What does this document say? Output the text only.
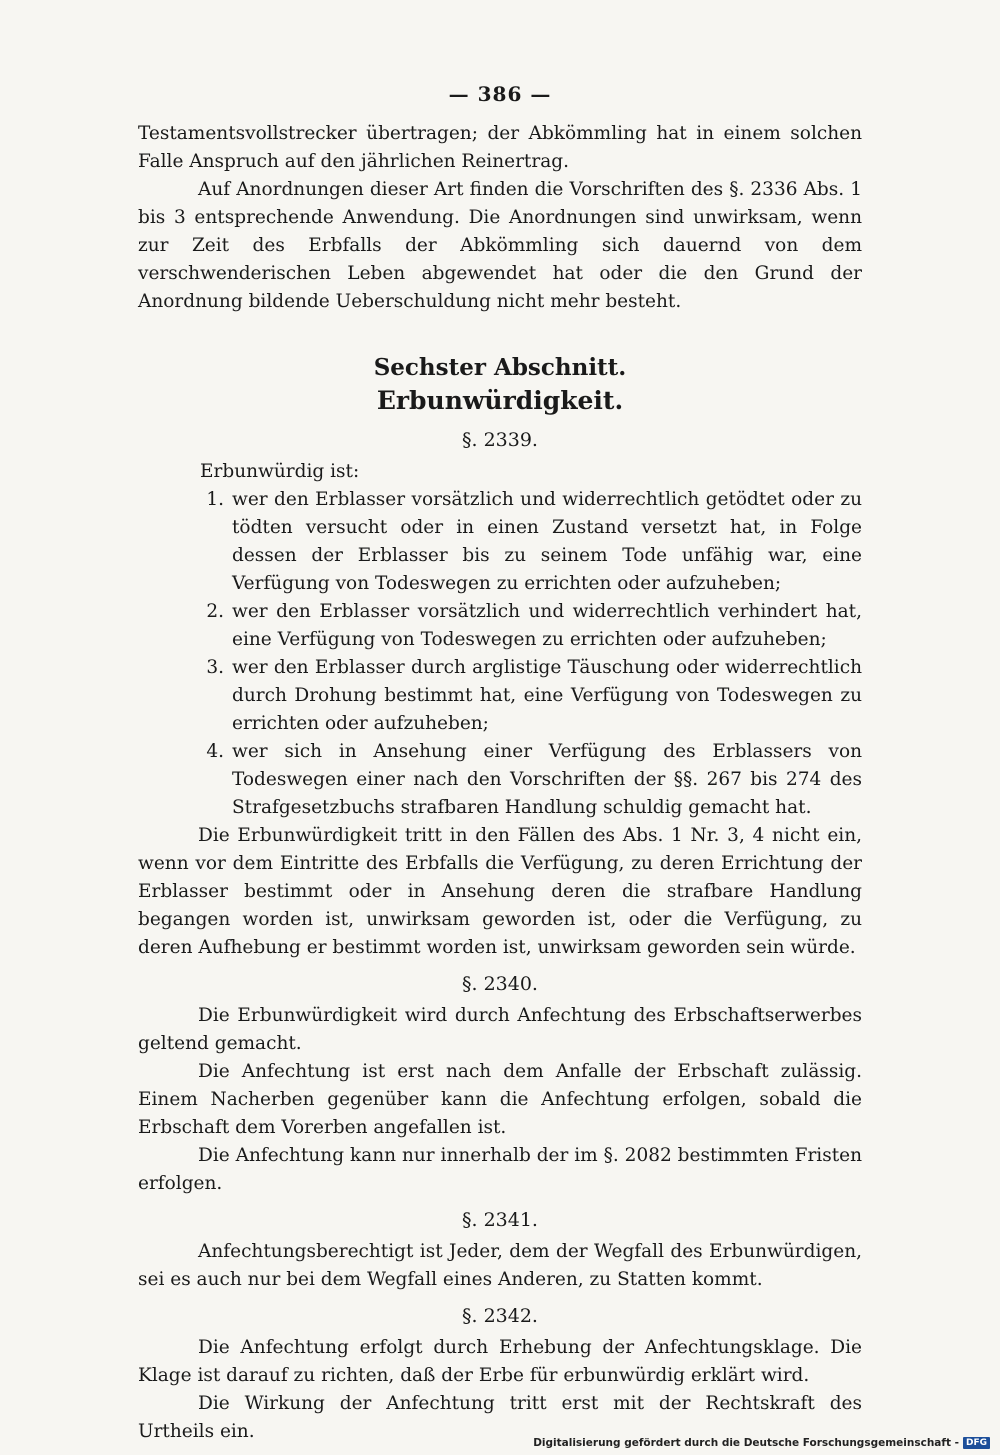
— 386 —

Testamentsvollstrecker übertragen; der Abkömmling hat in einem solchen Falle Anspruch auf den jährlichen Reinertrag.

Auf Anordnungen dieser Art finden die Vorschriften des §. 2336 Abs. 1 bis 3 entsprechende Anwendung. Die Anordnungen sind unwirksam, wenn zur Zeit des Erbfalls der Abkömmling sich dauernd von dem verschwenderischen Leben abgewendet hat oder die den Grund der Anordnung bildende Ueberschuldung nicht mehr besteht.

Sechster Abschnitt.

Erbunwürdigkeit.

§. 2339.

Erbunwürdig ist:

1. wer den Erblasser vorsätzlich und widerrechtlich getödtet oder zu tödten versucht oder in einen Zustand versetzt hat, in Folge dessen der Erblasser bis zu seinem Tode unfähig war, eine Verfügung von Todeswegen zu errichten oder aufzuheben;
2. wer den Erblasser vorsätzlich und widerrechtlich verhindert hat, eine Verfügung von Todeswegen zu errichten oder aufzuheben;
3. wer den Erblasser durch arglistige Täuschung oder widerrechtlich durch Drohung bestimmt hat, eine Verfügung von Todeswegen zu errichten oder aufzuheben;
4. wer sich in Ansehung einer Verfügung des Erblassers von Todeswegen einer nach den Vorschriften der §§. 267 bis 274 des Strafgesetzbuchs strafbaren Handlung schuldig gemacht hat.

Die Erbunwürdigkeit tritt in den Fällen des Abs. 1 Nr. 3, 4 nicht ein, wenn vor dem Eintritte des Erbfalls die Verfügung, zu deren Errichtung der Erblasser bestimmt oder in Ansehung deren die strafbare Handlung begangen worden ist, unwirksam geworden ist, oder die Verfügung, zu deren Aufhebung er bestimmt worden ist, unwirksam geworden sein würde.

§. 2340.

Die Erbunwürdigkeit wird durch Anfechtung des Erbschaftserwerbes geltend gemacht.

Die Anfechtung ist erst nach dem Anfalle der Erbschaft zulässig. Einem Nacherben gegenüber kann die Anfechtung erfolgen, sobald die Erbschaft dem Vorerben angefallen ist.

Die Anfechtung kann nur innerhalb der im §. 2082 bestimmten Fristen erfolgen.

§. 2341.

Anfechtungsberechtigt ist Jeder, dem der Wegfall des Erbunwürdigen, sei es auch nur bei dem Wegfall eines Anderen, zu Statten kommt.

§. 2342.

Die Anfechtung erfolgt durch Erhebung der Anfechtungsklage. Die Klage ist darauf zu richten, daß der Erbe für erbunwürdig erklärt wird.

Die Wirkung der Anfechtung tritt erst mit der Rechtskraft des Urtheils ein.

Digitalisierung gefördert durch die Deutsche Forschungsgemeinschaft - DFG
